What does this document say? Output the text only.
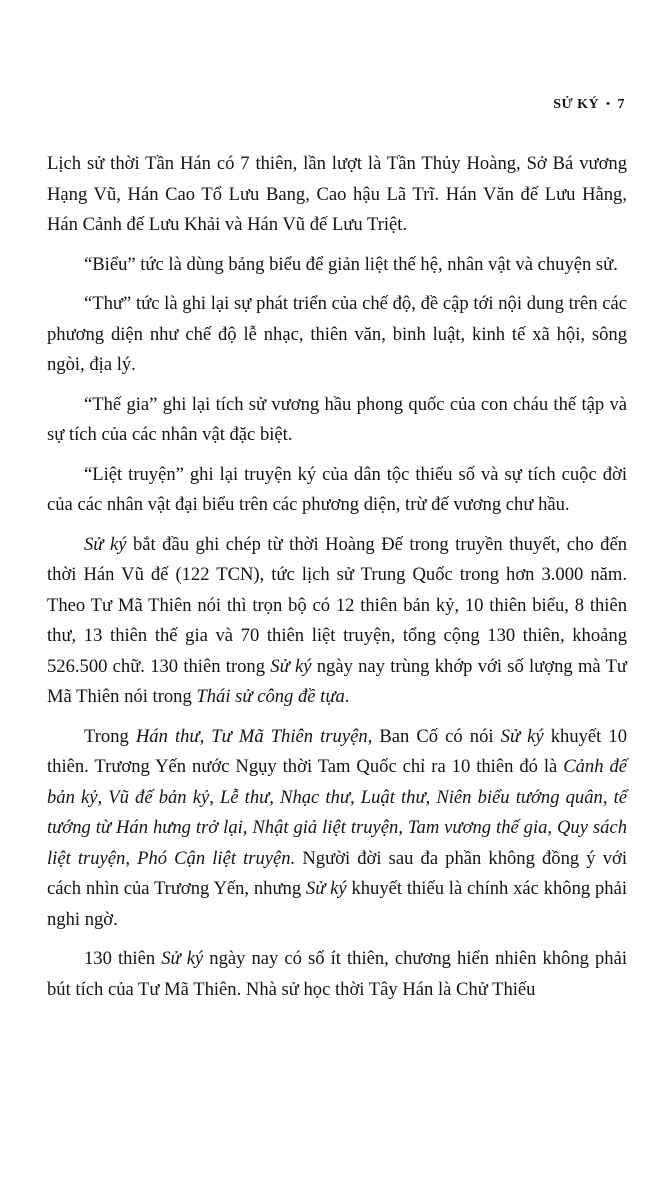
SỬ KÝ • 7

Lịch sử thời Tần Hán có 7 thiên, lần lượt là Tần Thủy Hoàng, Sở Bá vương Hạng Vũ, Hán Cao Tổ Lưu Bang, Cao hậu Lã Trĩ. Hán Văn đế Lưu Hằng, Hán Cảnh đế Lưu Khải và Hán Vũ đế Lưu Triệt.

“Biểu” tức là dùng bảng biểu để giản liệt thế hệ, nhân vật và chuyện sử.

“Thư” tức là ghi lại sự phát triển của chế độ, đề cập tới nội dung trên các phương diện như chế độ lễ nhạc, thiên văn, binh luật, kinh tế xã hội, sông ngòi, địa lý.

“Thế gia” ghi lại tích sử vương hầu phong quốc của con cháu thế tập và sự tích của các nhân vật đặc biệt.

“Liệt truyện” ghi lại truyện ký của dân tộc thiểu số và sự tích cuộc đời của các nhân vật đại biểu trên các phương diện, trừ đế vương chư hầu.

Sử ký bắt đầu ghi chép từ thời Hoàng Đế trong truyền thuyết, cho đến thời Hán Vũ đế (122 TCN), tức lịch sử Trung Quốc trong hơn 3.000 năm. Theo Tư Mã Thiên nói thì trọn bộ có 12 thiên bản kỷ, 10 thiên biểu, 8 thiên thư, 13 thiên thế gia và 70 thiên liệt truyện, tổng cộng 130 thiên, khoảng 526.500 chữ. 130 thiên trong Sử ký ngày nay trùng khớp với số lượng mà Tư Mã Thiên nói trong Thái sử công đề tựa.

Trong Hán thư, Tư Mã Thiên truyện, Ban Cố có nói Sử ký khuyết 10 thiên. Trương Yến nước Ngụy thời Tam Quốc chỉ ra 10 thiên đó là Cảnh đế bản kỷ, Vũ đế bản kỷ, Lễ thư, Nhạc thư, Luật thư, Niên biểu tướng quân, tể tướng từ Hán hưng trở lại, Nhật giả liệt truyện, Tam vương thế gia, Quy sách liệt truyện, Phó Cận liệt truyện. Người đời sau đa phần không đồng ý với cách nhìn của Trương Yến, nhưng Sử ký khuyết thiếu là chính xác không phải nghi ngờ.

130 thiên Sử ký ngày nay có số ít thiên, chương hiển nhiên không phải bút tích của Tư Mã Thiên. Nhà sử học thời Tây Hán là Chử Thiếu
